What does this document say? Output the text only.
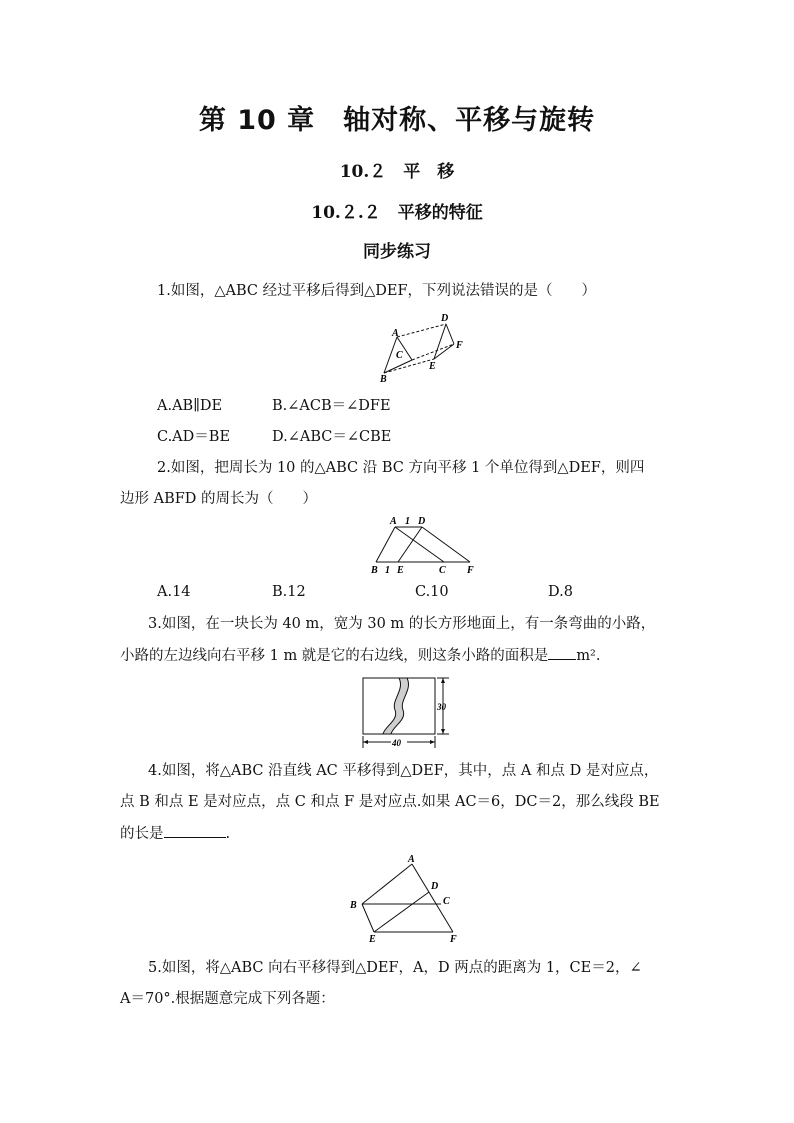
第 10 章　轴对称、平移与旋转
10.２　平　移
10.２.２　平移的特征
同步练习
1.如图，△ABC 经过平移后得到△DEF，下列说法错误的是（　　）
A
B
C
D
E
F
A.AB∥DE	B.∠ACB＝∠DFE
C.AD＝BE	D.∠ABC＝∠CBE
2.如图，把周长为 10 的△ABC 沿 BC 方向平移 1 个单位得到△DEF，则四
边形 ABFD 的周长为（　　）
A 1 D
B 1 E	C F
A.14	B.12	C.10	D.8
3.如图，在一块长为 40 m，宽为 30 m 的长方形地面上，有一条弯曲的小路，
小路的左边线向右平移 1 m 就是它的右边线，则这条小路的面积是 m².
30
40
4.如图，将△ABC 沿直线 AC 平移得到△DEF，其中，点 A 和点 D 是对应点，
点 B 和点 E 是对应点，点 C 和点 F 是对应点.如果 AC＝6，DC＝2，那么线段 BE
的长是	.
A
D
C
B
E	F
5.如图，将△ABC 向右平移得到△DEF，A，D 两点的距离为 1，CE＝2，∠
A＝70°.根据题意完成下列各题：
